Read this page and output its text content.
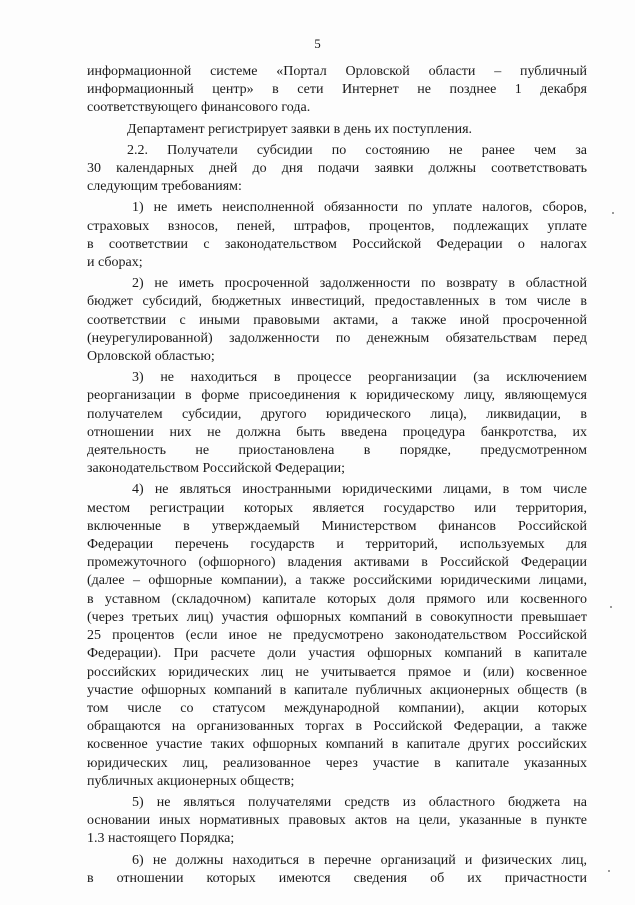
5

информационной системе «Портал Орловской области – публичный

информационный центр» в сети Интернет не позднее 1 декабря

соответствующего финансового года.

Департамент регистрирует заявки в день их поступления.

2.2. Получатели субсидии по состоянию не ранее чем за

30 календарных дней до дня подачи заявки должны соответствовать

следующим требованиям:

1) не иметь неисполненной обязанности по уплате налогов, сборов,

страховых взносов, пеней, штрафов, процентов, подлежащих уплате

в соответствии с законодательством Российской Федерации о налогах

и сборах;

2) не иметь просроченной задолженности по возврату в областной

бюджет субсидий, бюджетных инвестиций, предоставленных в том числе в

соответствии с иными правовыми актами, а также иной просроченной

(неурегулированной) задолженности по денежным обязательствам перед

Орловской областью;

3) не находиться в процессе реорганизации (за исключением

реорганизации в форме присоединения к юридическому лицу, являющемуся

получателем субсидии, другого юридического лица), ликвидации, в

отношении них не должна быть введена процедура банкротства, их

деятельность не приостановлена в порядке, предусмотренном

законодательством Российской Федерации;

4) не являться иностранными юридическими лицами, в том числе

местом регистрации которых является государство или территория,

включенные в утверждаемый Министерством финансов Российской

Федерации перечень государств и территорий, используемых для

промежуточного (офшорного) владения активами в Российской Федерации

(далее – офшорные компании), а также российскими юридическими лицами,

в уставном (складочном) капитале которых доля прямого или косвенного

(через третьих лиц) участия офшорных компаний в совокупности превышает

25 процентов (если иное не предусмотрено законодательством Российской

Федерации). При расчете доли участия офшорных компаний в капитале

российских юридических лиц не учитывается прямое и (или) косвенное

участие офшорных компаний в капитале публичных акционерных обществ (в

том числе со статусом международной компании), акции которых

обращаются на организованных торгах в Российской Федерации, а также

косвенное участие таких офшорных компаний в капитале других российских

юридических лиц, реализованное через участие в капитале указанных

публичных акционерных обществ;

5) не являться получателями средств из областного бюджета на

основании иных нормативных правовых актов на цели, указанные в пункте

1.3 настоящего Порядка;

6) не должны находиться в перечне организаций и физических лиц,

в отношении которых имеются сведения об их причастности
